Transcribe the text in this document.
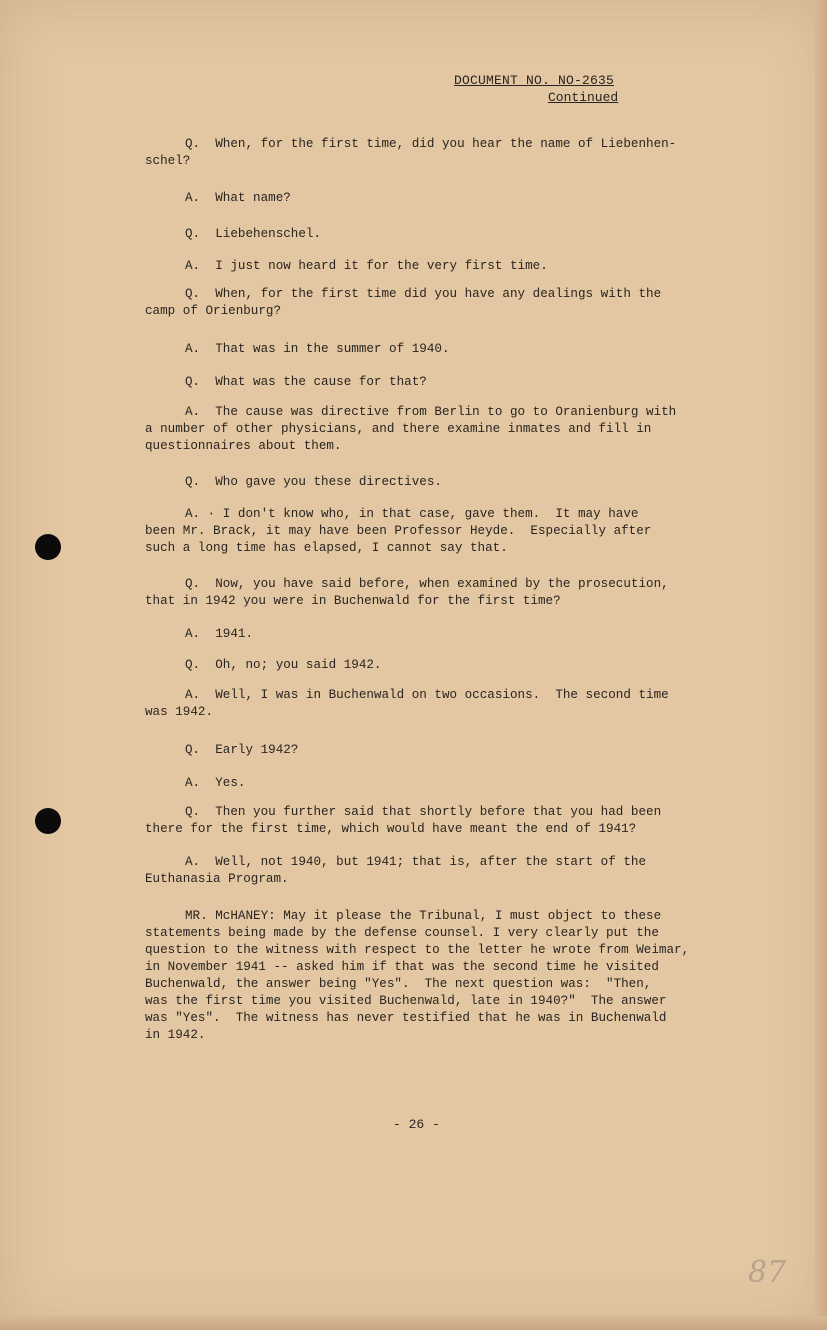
DOCUMENT NO. NO-2635
Continued

Q.  When, for the first time, did you hear the name of Liebenhen-
schel?

A.  What name?

Q.  Liebehenschel.

A.  I just now heard it for the very first time.

Q.  When, for the first time did you have any dealings with the
camp of Orienburg?

A.  That was in the summer of 1940.

Q.  What was the cause for that?

A.  The cause was directive from Berlin to go to Oranienburg with
a number of other physicians, and there examine inmates and fill in
questionnaires about them.

Q.  Who gave you these directives.

A. · I don't know who, in that case, gave them.  It may have
been Mr. Brack, it may have been Professor Heyde.  Especially after
such a long time has elapsed, I cannot say that.

Q.  Now, you have said before, when examined by the prosecution,
that in 1942 you were in Buchenwald for the first time?

A.  1941.

Q.  Oh, no; you said 1942.

A.  Well, I was in Buchenwald on two occasions.  The second time
was 1942.

Q.  Early 1942?

A.  Yes.

Q.  Then you further said that shortly before that you had been
there for the first time, which would have meant the end of 1941?

A.  Well, not 1940, but 1941; that is, after the start of the
Euthanasia Program.

MR. McHANEY: May it please the Tribunal, I must object to these
statements being made by the defense counsel. I very clearly put the
question to the witness with respect to the letter he wrote from Weimar,
in November 1941 -- asked him if that was the second time he visited
Buchenwald, the answer being "Yes".  The next question was:  "Then,
was the first time you visited Buchenwald, late in 1940?"  The answer
was "Yes".  The witness has never testified that he was in Buchenwald
in 1942.

- 26 -
87
